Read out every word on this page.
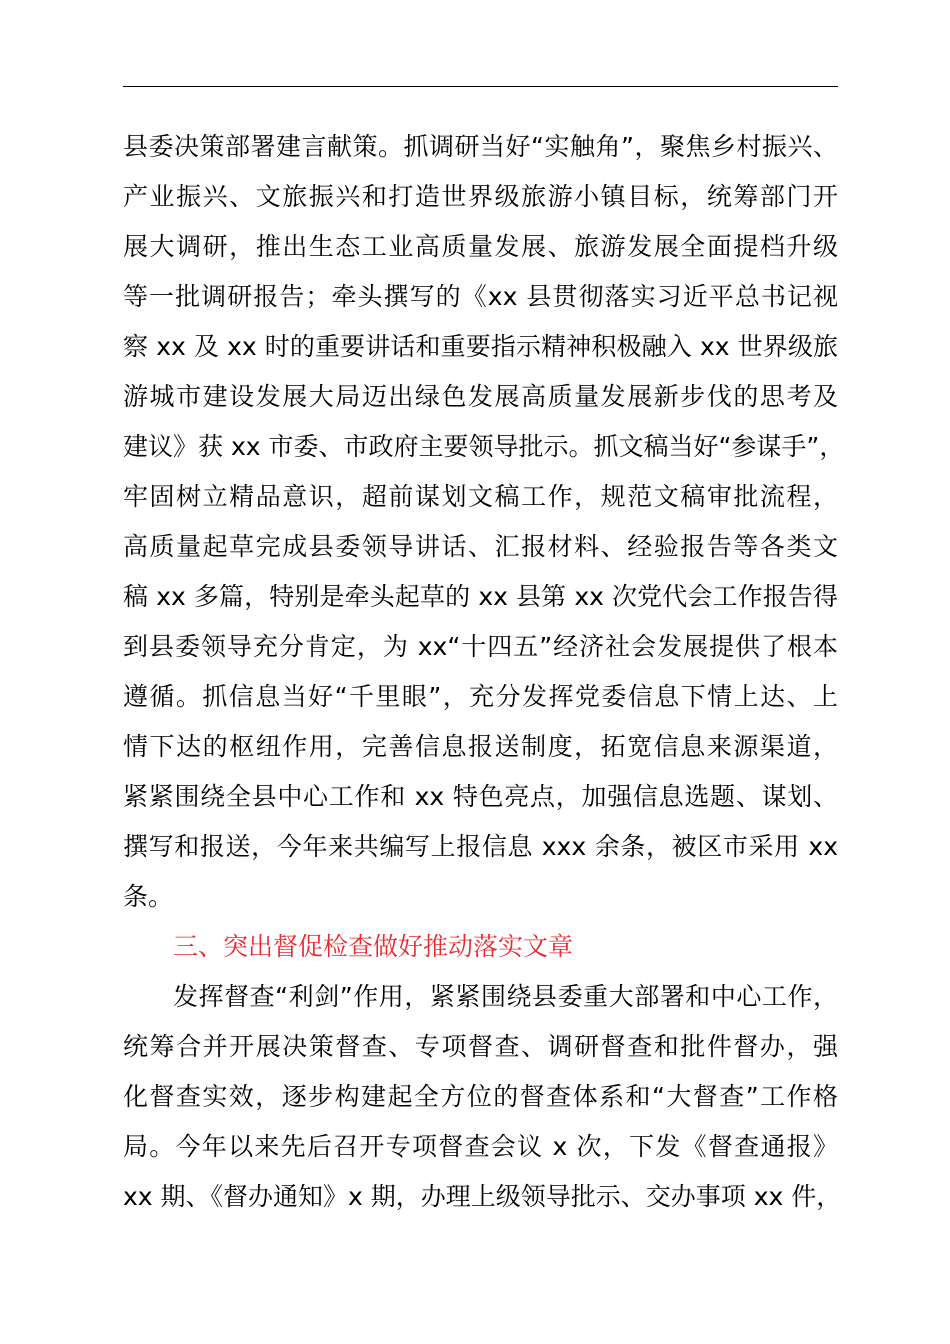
县委决策部署建言献策。抓调研当好“实触角”，聚焦乡村振兴、
产业振兴、文旅振兴和打造世界级旅游小镇目标，统筹部门开
展大调研，推出生态工业高质量发展、旅游发展全面提档升级
等一批调研报告；牵头撰写的《xx 县贯彻落实习近平总书记视
察 xx 及 xx 时的重要讲话和重要指示精神积极融入 xx 世界级旅
游城市建设发展大局迈出绿色发展高质量发展新步伐的思考及
建议》获 xx 市委、市政府主要领导批示。抓文稿当好“参谋手”，
牢固树立精品意识，超前谋划文稿工作，规范文稿审批流程，
高质量起草完成县委领导讲话、汇报材料、经验报告等各类文
稿 xx 多篇，特别是牵头起草的 xx 县第 xx 次党代会工作报告得
到县委领导充分肯定，为 xx“十四五”经济社会发展提供了根本
遵循。抓信息当好“千里眼”，充分发挥党委信息下情上达、上
情下达的枢纽作用，完善信息报送制度，拓宽信息来源渠道，
紧紧围绕全县中心工作和 xx 特色亮点，加强信息选题、谋划、
撰写和报送，今年来共编写上报信息 xxx 余条，被区市采用 xx
条。
三、突出督促检查做好推动落实文章
发挥督查“利剑”作用，紧紧围绕县委重大部署和中心工作，
统筹合并开展决策督查、专项督查、调研督查和批件督办，强
化督查实效，逐步构建起全方位的督查体系和“大督查”工作格
局。今年以来先后召开专项督查会议 x 次，下发《督查通报》
xx 期、《督办通知》x 期，办理上级领导批示、交办事项 xx 件，
